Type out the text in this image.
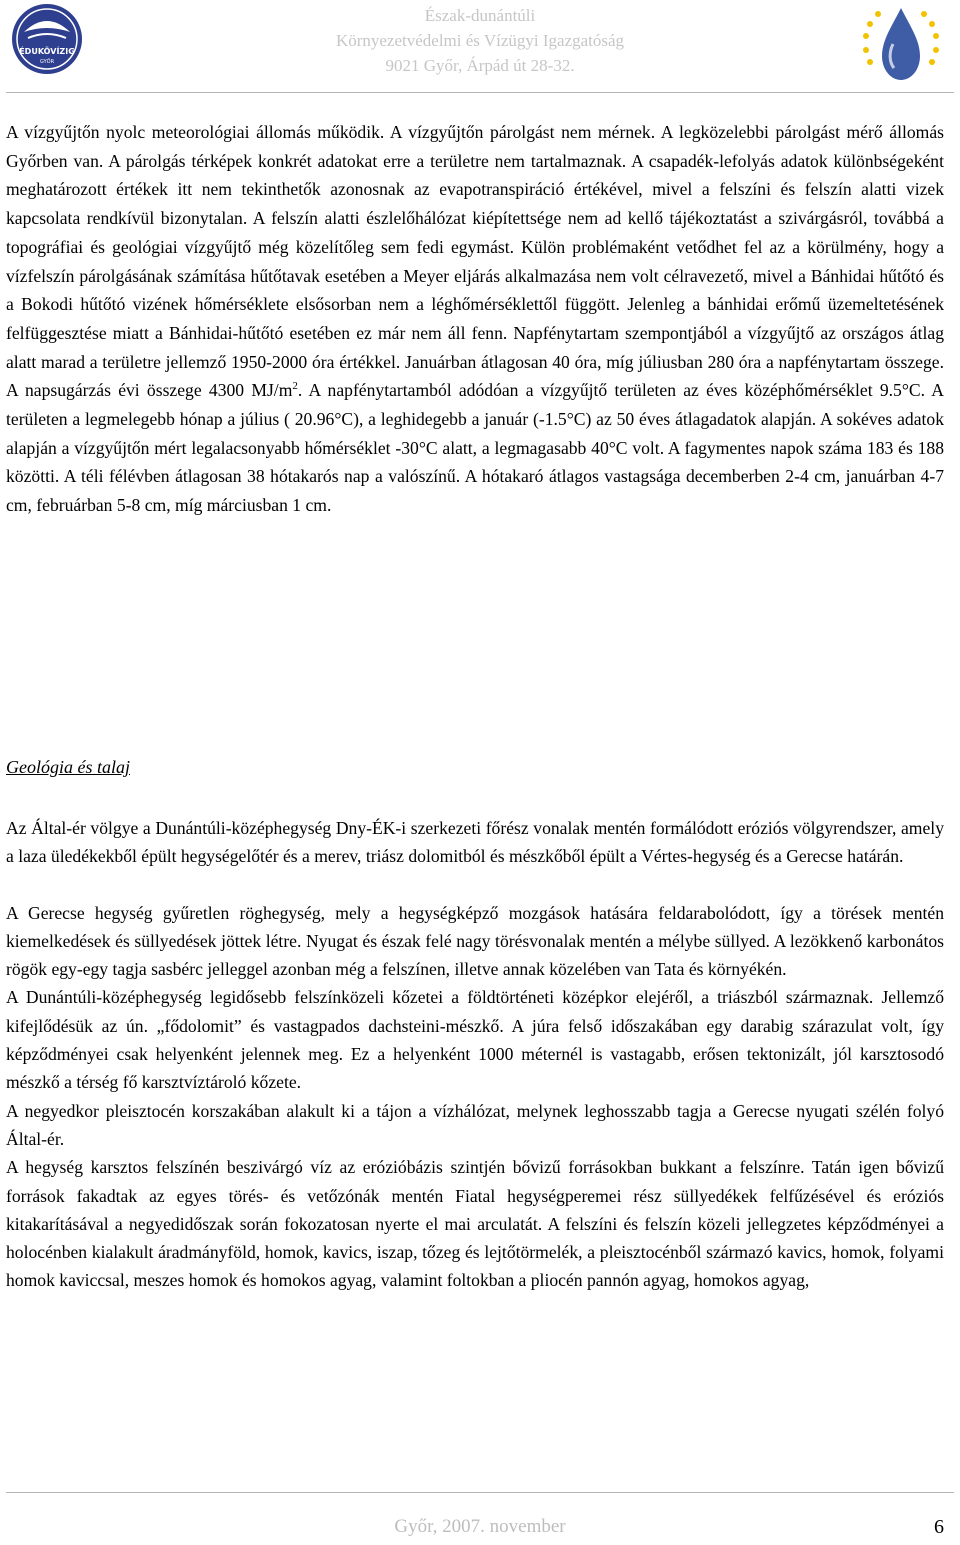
ÉDUKÖVÍZIG
GYŐR
Észak-dunántúli
Környezetvédelmi és Vízügyi Igazgatóság
9021 Győr, Árpád út 28-32.

A vízgyűjtőn nyolc meteorológiai állomás működik. A vízgyűjtőn párolgást nem mérnek. A legközelebbi párolgást mérő állomás Győrben van. A párolgás térképek konkrét adatokat erre a területre nem tartalmaznak. A csapadék-lefolyás adatok különbségeként meghatározott értékek itt nem tekinthetők azonosnak az evapotranspiráció értékével, mivel a felszíni és felszín alatti vizek kapcsolata rendkívül bizonytalan. A felszín alatti észlelőhálózat kiépítettsége nem ad kellő tájékoztatást a szivárgásról, továbbá a topográfiai és geológiai vízgyűjtő még közelítőleg sem fedi egymást. Külön problémaként vetődhet fel az a körülmény, hogy a vízfelszín párolgásának számítása hűtőtavak esetében a Meyer eljárás alkalmazása nem volt célravezető, mivel a Bánhidai hűtőtó és a Bokodi hűtőtó vizének hőmérséklete elsősorban nem a léghőmérséklettől függött. Jelenleg a bánhidai erőmű üzemeltetésének felfüggesztése miatt a Bánhidai-hűtőtó esetében ez már nem áll fenn. Napfénytartam szempontjából a vízgyűjtő az országos átlag alatt marad a területre jellemző 1950-2000 óra értékkel. Januárban átlagosan 40 óra, míg júliusban 280 óra a napfénytartam összege. A napsugárzás évi összege 4300 $MJ/m^2$. A napfénytartamból adódóan a vízgyűjtő területen az éves középhőmérséklet 9.5°C. A területen a legmelegebb hónap a július ( 20.96°C), a leghidegebb a január (-1.5°C) az 50 éves átlagadatok alapján. A sokéves adatok alapján a vízgyűjtőn mért legalacsonyabb hőmérséklet -30°C alatt, a legmagasabb 40°C volt. A fagymentes napok száma 183 és 188 közötti. A téli félévben átlagosan 38 hótakarós nap a valószínű. A hótakaró átlagos vastagsága decemberben 2-4 cm, januárban 4-7 cm, februárban 5-8 cm, míg márciusban 1 cm.

Geológia és talaj

Az Által-ér völgye a Dunántúli-középhegység Dny-ÉK-i szerkezeti főrész vonalak mentén formálódott eróziós völgyrendszer, amely a laza üledékekből épült hegységelőtér és a merev, triász dolomitból és mészkőből épült a Vértes-hegység és a Gerecse határán.

A Gerecse hegység gyűretlen röghegység, mely a hegységképző mozgások hatására feldarabolódott, így a törések mentén kiemelkedések és süllyedések jöttek létre. Nyugat és észak felé nagy törésvonalak mentén a mélybe süllyed. A lezökkenő karbonátos rögök egy-egy tagja sasbérc jelleggel azonban még a felszínen, illetve annak közelében van Tata és környékén.

A Dunántúli-középhegység legidősebb felszínközeli kőzetei a földtörténeti középkor elejéről, a triászból származnak. Jellemző kifejlődésük az ún. „fődolomit” és vastagpados dachsteini-mészkő. A júra felső időszakában egy darabig szárazulat volt, így képződményei csak helyenként jelennek meg. Ez a helyenként 1000 méternél is vastagabb, erősen tektonizált, jól karsztosodó mészkő a térség fő karsztvíztároló kőzete.

A negyedkor pleisztocén korszakában alakult ki a tájon a vízhálózat, melynek leghosszabb tagja a Gerecse nyugati szélén folyó Által-ér.

A hegység karsztos felszínén beszivárgó víz az erózióbázis szintjén bővizű forrásokban bukkant a felszínre. Tatán igen bővizű források fakadtak az egyes törés- és vetőzónák mentén Fiatal hegységperemei rész süllyedékek felfűzésével és eróziós kitakarításával a negyedidőszak során fokozatosan nyerte el mai arculatát. A felszíni és felszín közeli jellegzetes képződményei a holocénben kialakult áradmányföld, homok, kavics, iszap, tőzeg és lejtőtörmelék, a pleisztocénből származó kavics, homok, folyami homok kaviccsal, meszes homok és homokos agyag, valamint foltokban a pliocén pannón agyag, homokos agyag,

Győr, 2007. november	6
